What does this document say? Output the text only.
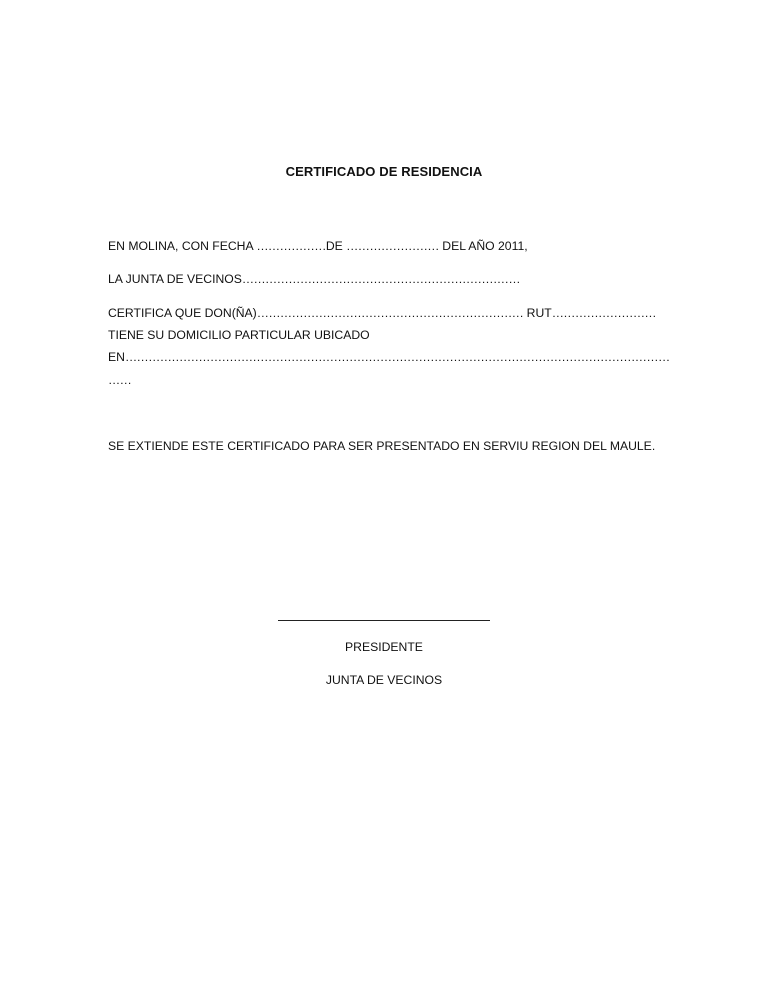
CERTIFICADO DE RESIDENCIA
EN MOLINA, CON FECHA ………………DE …………………… DEL AÑO 2011,
LA JUNTA DE VECINOS………………………………………………………………
CERTIFICA QUE DON(ÑA)…………………………………………………………… RUT………………………
TIENE SU DOMICILIO PARTICULAR UBICADO
EN……………………………………………………………………………………………………………………………
……
SE EXTIENDE ESTE CERTIFICADO PARA SER PRESENTADO EN SERVIU REGION DEL MAULE.
PRESIDENTE
JUNTA DE VECINOS
